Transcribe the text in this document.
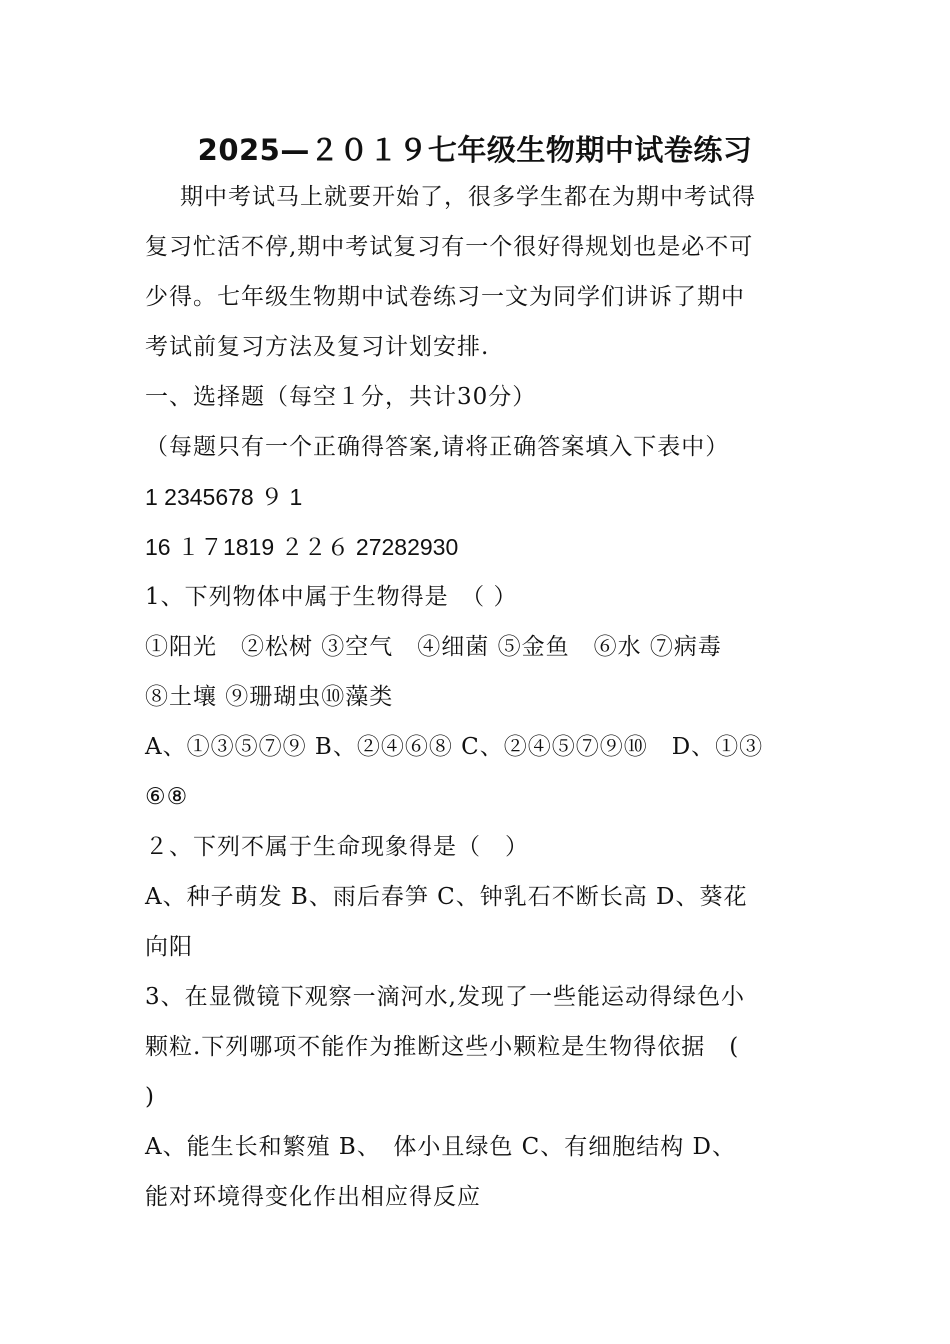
2025—２０１９七年级生物期中试卷练习
期中考试马上就要开始了，很多学生都在为期中考试得
复习忙活不停,期中考试复习有一个很好得规划也是必不可
少得。七年级生物期中试卷练习一文为同学们讲诉了期中
考试前复习方法及复习计划安排.
一、选择题（每空１分，共计30分）
（每题只有一个正确得答案,请将正确答案填入下表中）
1 2345678 ９ 1
16 １７1819 ２２６ 27282930
1、下列物体中属于生物得是　（ ）
①阳光　②松树 ③空气　④细菌 ⑤金鱼　⑥水 ⑦病毒
⑧土壤 ⑨珊瑚虫⑩藻类
A、①③⑤⑦⑨ B、②④⑥⑧ C、②④⑤⑦⑨⑩　D、①③
⑥⑧
２、下列不属于生命现象得是（　）
A、种子萌发 B、雨后春笋 C、钟乳石不断长高 D、葵花
向阳
3、在显微镜下观察一滴河水,发现了一些能运动得绿色小
颗粒.下列哪项不能作为推断这些小颗粒是生物得依据　(
)
A、能生长和繁殖 B、　体小且绿色 C、有细胞结构 D、
能对环境得变化作出相应得反应
